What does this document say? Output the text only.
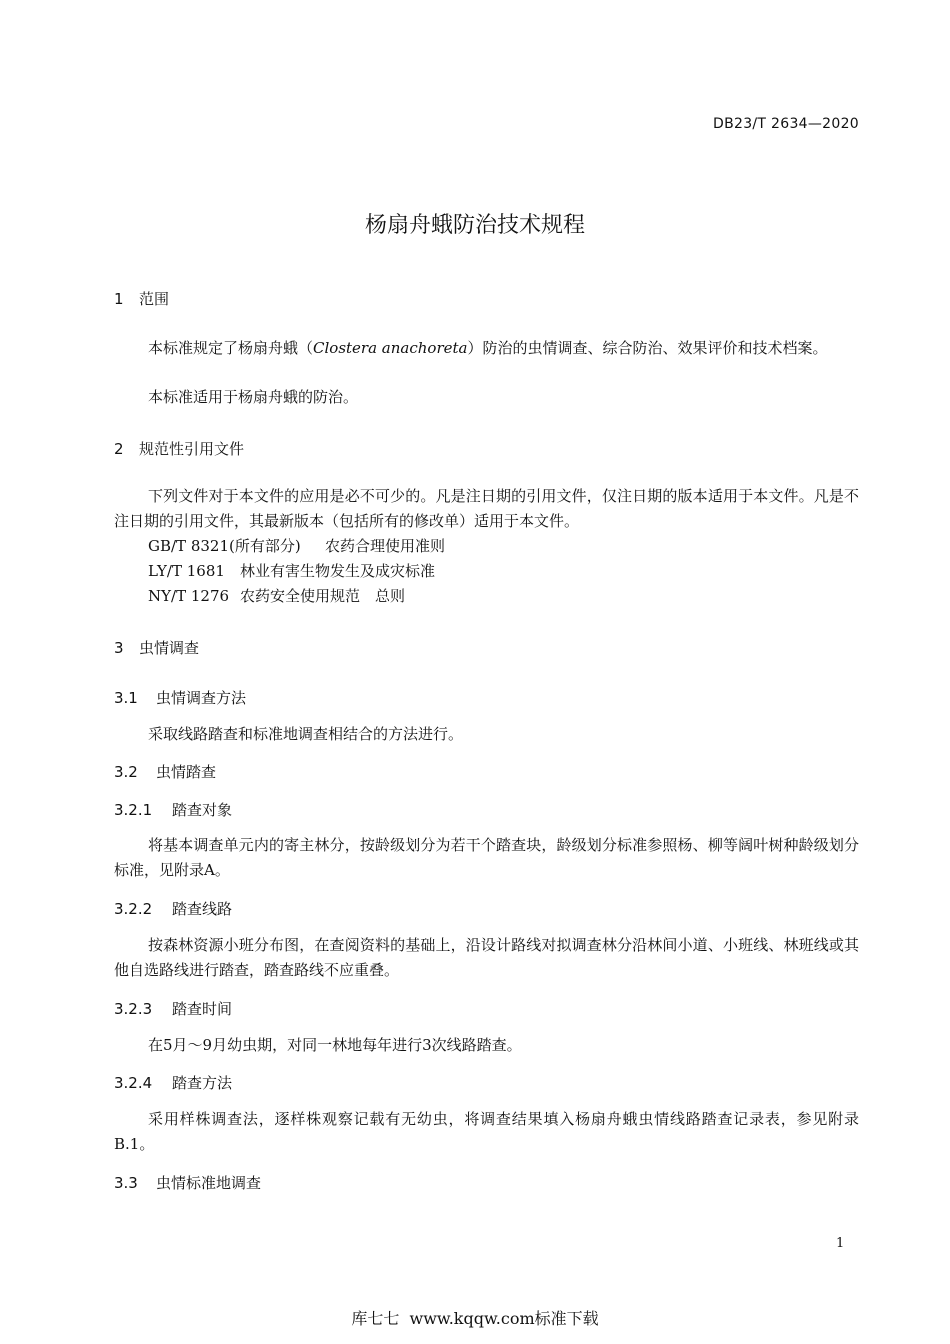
DB23/T 2634—2020
杨扇舟蛾防治技术规程
1 范围
本标准规定了杨扇舟蛾（Clostera anachoreta）防治的虫情调查、综合防治、效果评价和技术档案。
本标准适用于杨扇舟蛾的防治。
2 规范性引用文件
下列文件对于本文件的应用是必不可少的。凡是注日期的引用文件，仅注日期的版本适用于本文件。凡是不注日期的引用文件，其最新版本（包括所有的修改单）适用于本文件。
GB/T 8321(所有部分) 农药合理使用准则
LY/T 1681 林业有害生物发生及成灾标准
NY/T 1276 农药安全使用规范　总则
3 虫情调查
3.1 虫情调查方法
采取线路踏查和标准地调查相结合的方法进行。
3.2 虫情踏查
3.2.1 踏查对象
将基本调查单元内的寄主林分，按龄级划分为若干个踏查块，龄级划分标准参照杨、柳等阔叶树种龄级划分标准，见附录A。
3.2.2 踏查线路
按森林资源小班分布图，在查阅资料的基础上，沿设计路线对拟调查林分沿林间小道、小班线、林班线或其他自选路线进行踏查，踏查路线不应重叠。
3.2.3 踏查时间
在5月～9月幼虫期，对同一林地每年进行3次线路踏查。
3.2.4 踏查方法
采用样株调查法，逐样株观察记载有无幼虫，将调查结果填入杨扇舟蛾虫情线路踏查记录表，参见附录B.1。
3.3 虫情标准地调查
1
库七七  www.kqqw.com标准下载
